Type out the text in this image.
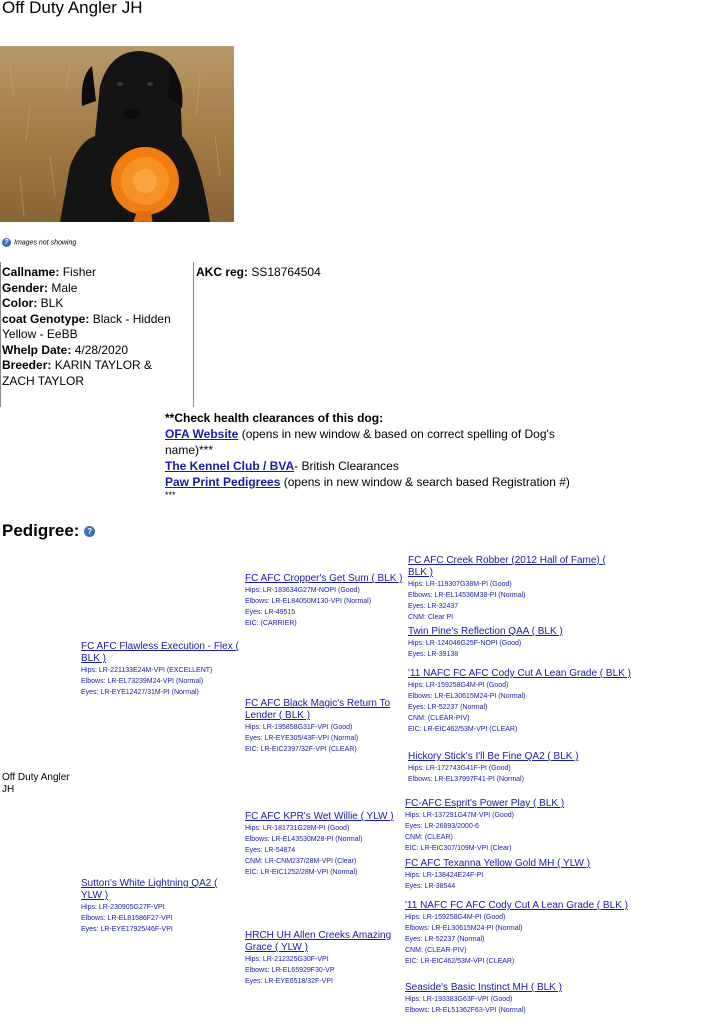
Off Duty Angler JH
? Images not showing
Callname: Fisher
Gender: Male
Color: BLK
coat Genotype: Black - Hidden Yellow - EeBB
Whelp Date: 4/28/2020
Breeder: KARIN TAYLOR & ZACH TAYLOR
AKC reg: SS18764504
**Check health clearances of this dog:
OFA Website (opens in new window & based on correct spelling of Dog's name)***
The Kennel Club / BVA- British Clearances
Paw Print Pedigrees (opens in new window & search based Registration #)
***
Pedigree: ?
Off Duty Angler JH
FC AFC Flawless Execution - Flex ( BLK )
Hips: LR-221133E24M-VPI (EXCELLENT)
Elbows: LR-EL73239M24-VPI (Normal)
Eyes: LR-EYE12427/31M-PI (Normal)
FC AFC Cropper's Get Sum ( BLK )
Hips: LR-183634G27M-NOPI (Good)
Elbows: LR-EL84050M130-VPI (Normal)
Eyes: LR-49515
EIC: (CARRIER)
FC AFC Black Magic's Return To Lender ( BLK )
Hips: LR-195858G31F-VPI (Good)
Eyes: LR-EYE305/43F-VPI (Normal)
EIC: LR-EIC2397/32F-VPI (CLEAR)
FC AFC Creek Robber (2012 Hall of Fame) ( BLK )
Hips: LR-119307G38M-PI (Good)
Elbows: LR-EL14536M38-PI (Normal)
Eyes: LR-32437
CNM: Clear PI
Twin Pine's Reflection QAA ( BLK )
Hips: LR-124046G25F-NOPI (Good)
Eyes: LR-39138
'11 NAFC FC AFC Cody Cut A Lean Grade ( BLK )
Hips: LR-159258G4M-PI (Good)
Elbows: LR-EL30615M24-PI (Normal)
Eyes: LR-52237 (Normal)
CNM: (CLEAR-PIV)
EIC: LR-EIC462/53M-VPI (CLEAR)
Hickory Stick's I'll Be Fine QA2 ( BLK )
Hips: LR-172743G41F-PI (Good)
Elbows: LR-EL37997F41-PI (Normal)
Sutton's White Lightning QA2 ( YLW )
Hips: LR-230905G27F-VPI
Elbows: LR-EL81586F27-VPI
Eyes: LR-EYE17925/46F-VPI
FC AFC KPR's Wet Willie ( YLW )
Hips: LR-181731G28M-PI (Good)
Elbows: LR-EL43530M28-PI (Normal)
Eyes: LR-54874
CNM: LR-CNM237/28M-VPI (Clear)
EIC: LR-EIC1252/28M-VPI (Normal)
HRCH UH Allen Creeks Amazing Grace ( YLW )
Hips: LR-212325G30F-VPI
Elbows: LR-EL65929F30-VP
Eyes: LR-EYE6518/32F-VPI
FC-AFC Esprit's Power Play ( BLK )
Hips: LR-137291G47M-VPI (Good)
Eyes: LR-26893/2000-6
CNM: (CLEAR)
EIC: LR-EIC307/109M-VPI (Clear)
FC AFC Texanna Yellow Gold MH ( YLW )
Hips: LR-138424E24F-PI
Eyes: LR-38544
'11 NAFC FC AFC Cody Cut A Lean Grade ( BLK )
Hips: LR-159258G4M-PI (Good)
Elbows: LR-EL30615M24-PI (Normal)
Eyes: LR-52237 (Normal)
CNM: (CLEAR-PIV)
EIC: LR-EIC462/53M-VPI (CLEAR)
Seaside's Basic Instinct MH ( BLK )
Hips: LR-193383G63F-VPI (Good)
Elbows: LR-EL51362F63-VPI (Normal)
